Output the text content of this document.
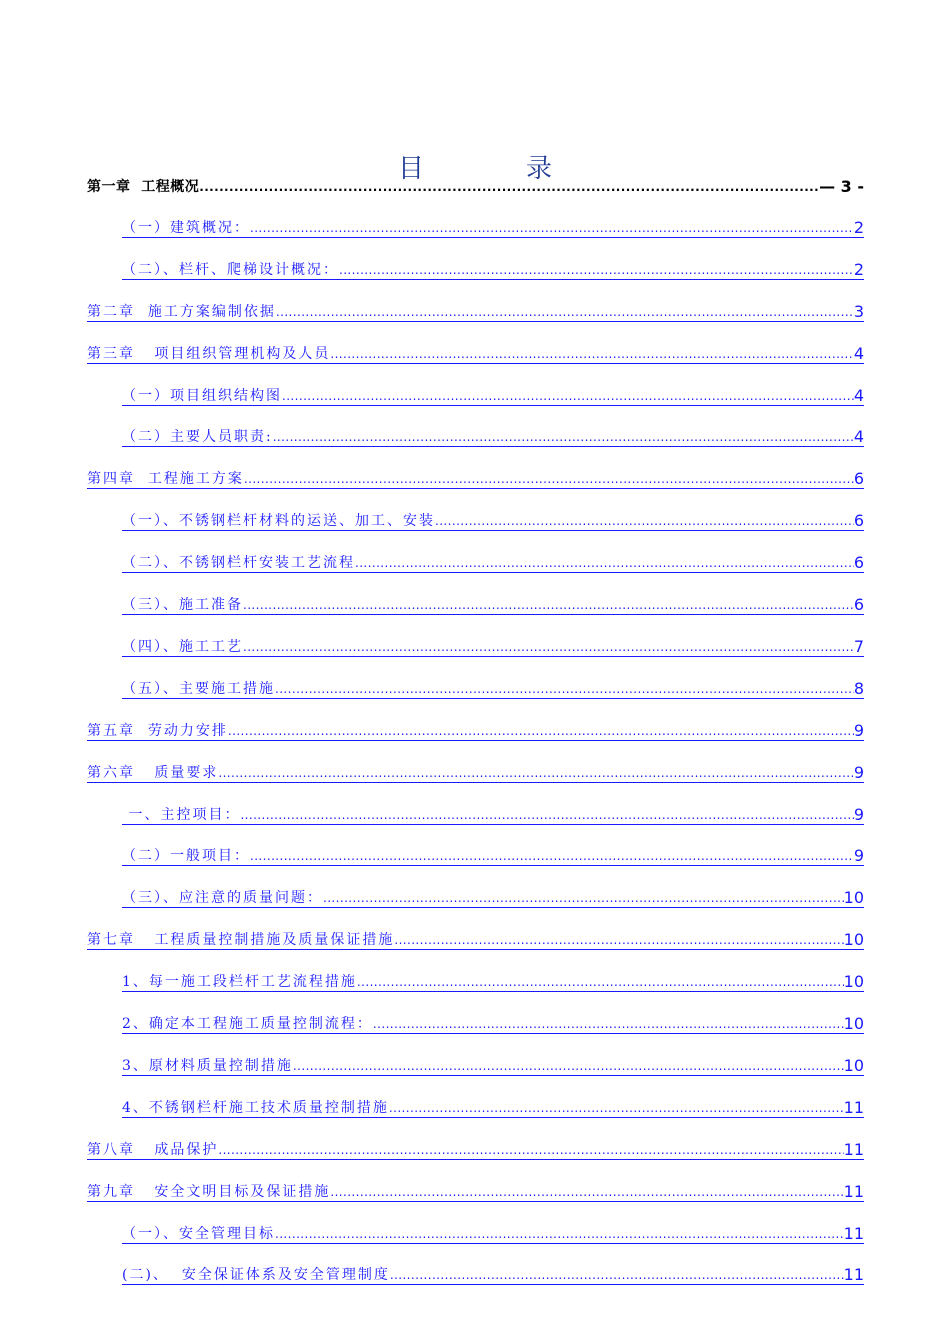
目　录
第一章  工程概况 .....	— 3 -
（一）建筑概况： .....	2
（二）、栏杆、爬梯设计概况： .....	2
第二章  施工方案编制依据 .....	3
第三章   项目组织管理机构及人员 .....	4
（一）项目组织结构图 .....	4
（二）主要人员职责: .....	4
第四章  工程施工方案 .....	6
（一）、不锈钢栏杆材料的运送、加工、安装 .....	6
（二）、不锈钢栏杆安装工艺流程 .....	6
（三）、施工准备 .....	6
（四）、施工工艺 .....	7
（五）、主要施工措施 .....	8
第五章  劳动力安排 .....	9
第六章   质量要求 .....	9
一、主控项目： .....	9
（二）一般项目： .....	9
（三）、应注意的质量问题： .....	10
第七章   工程质量控制措施及质量保证措施 .....	10
1、每一施工段栏杆工艺流程措施 .....	10
2、确定本工程施工质量控制流程： .....	10
3、原材料质量控制措施 .....	10
4、不锈钢栏杆施工技术质量控制措施 .....	11
第八章   成品保护 .....	11
第九章   安全文明目标及保证措施 .....	11
（一）、安全管理目标 .....	11
(二)、  安全保证体系及安全管理制度 .....	11
